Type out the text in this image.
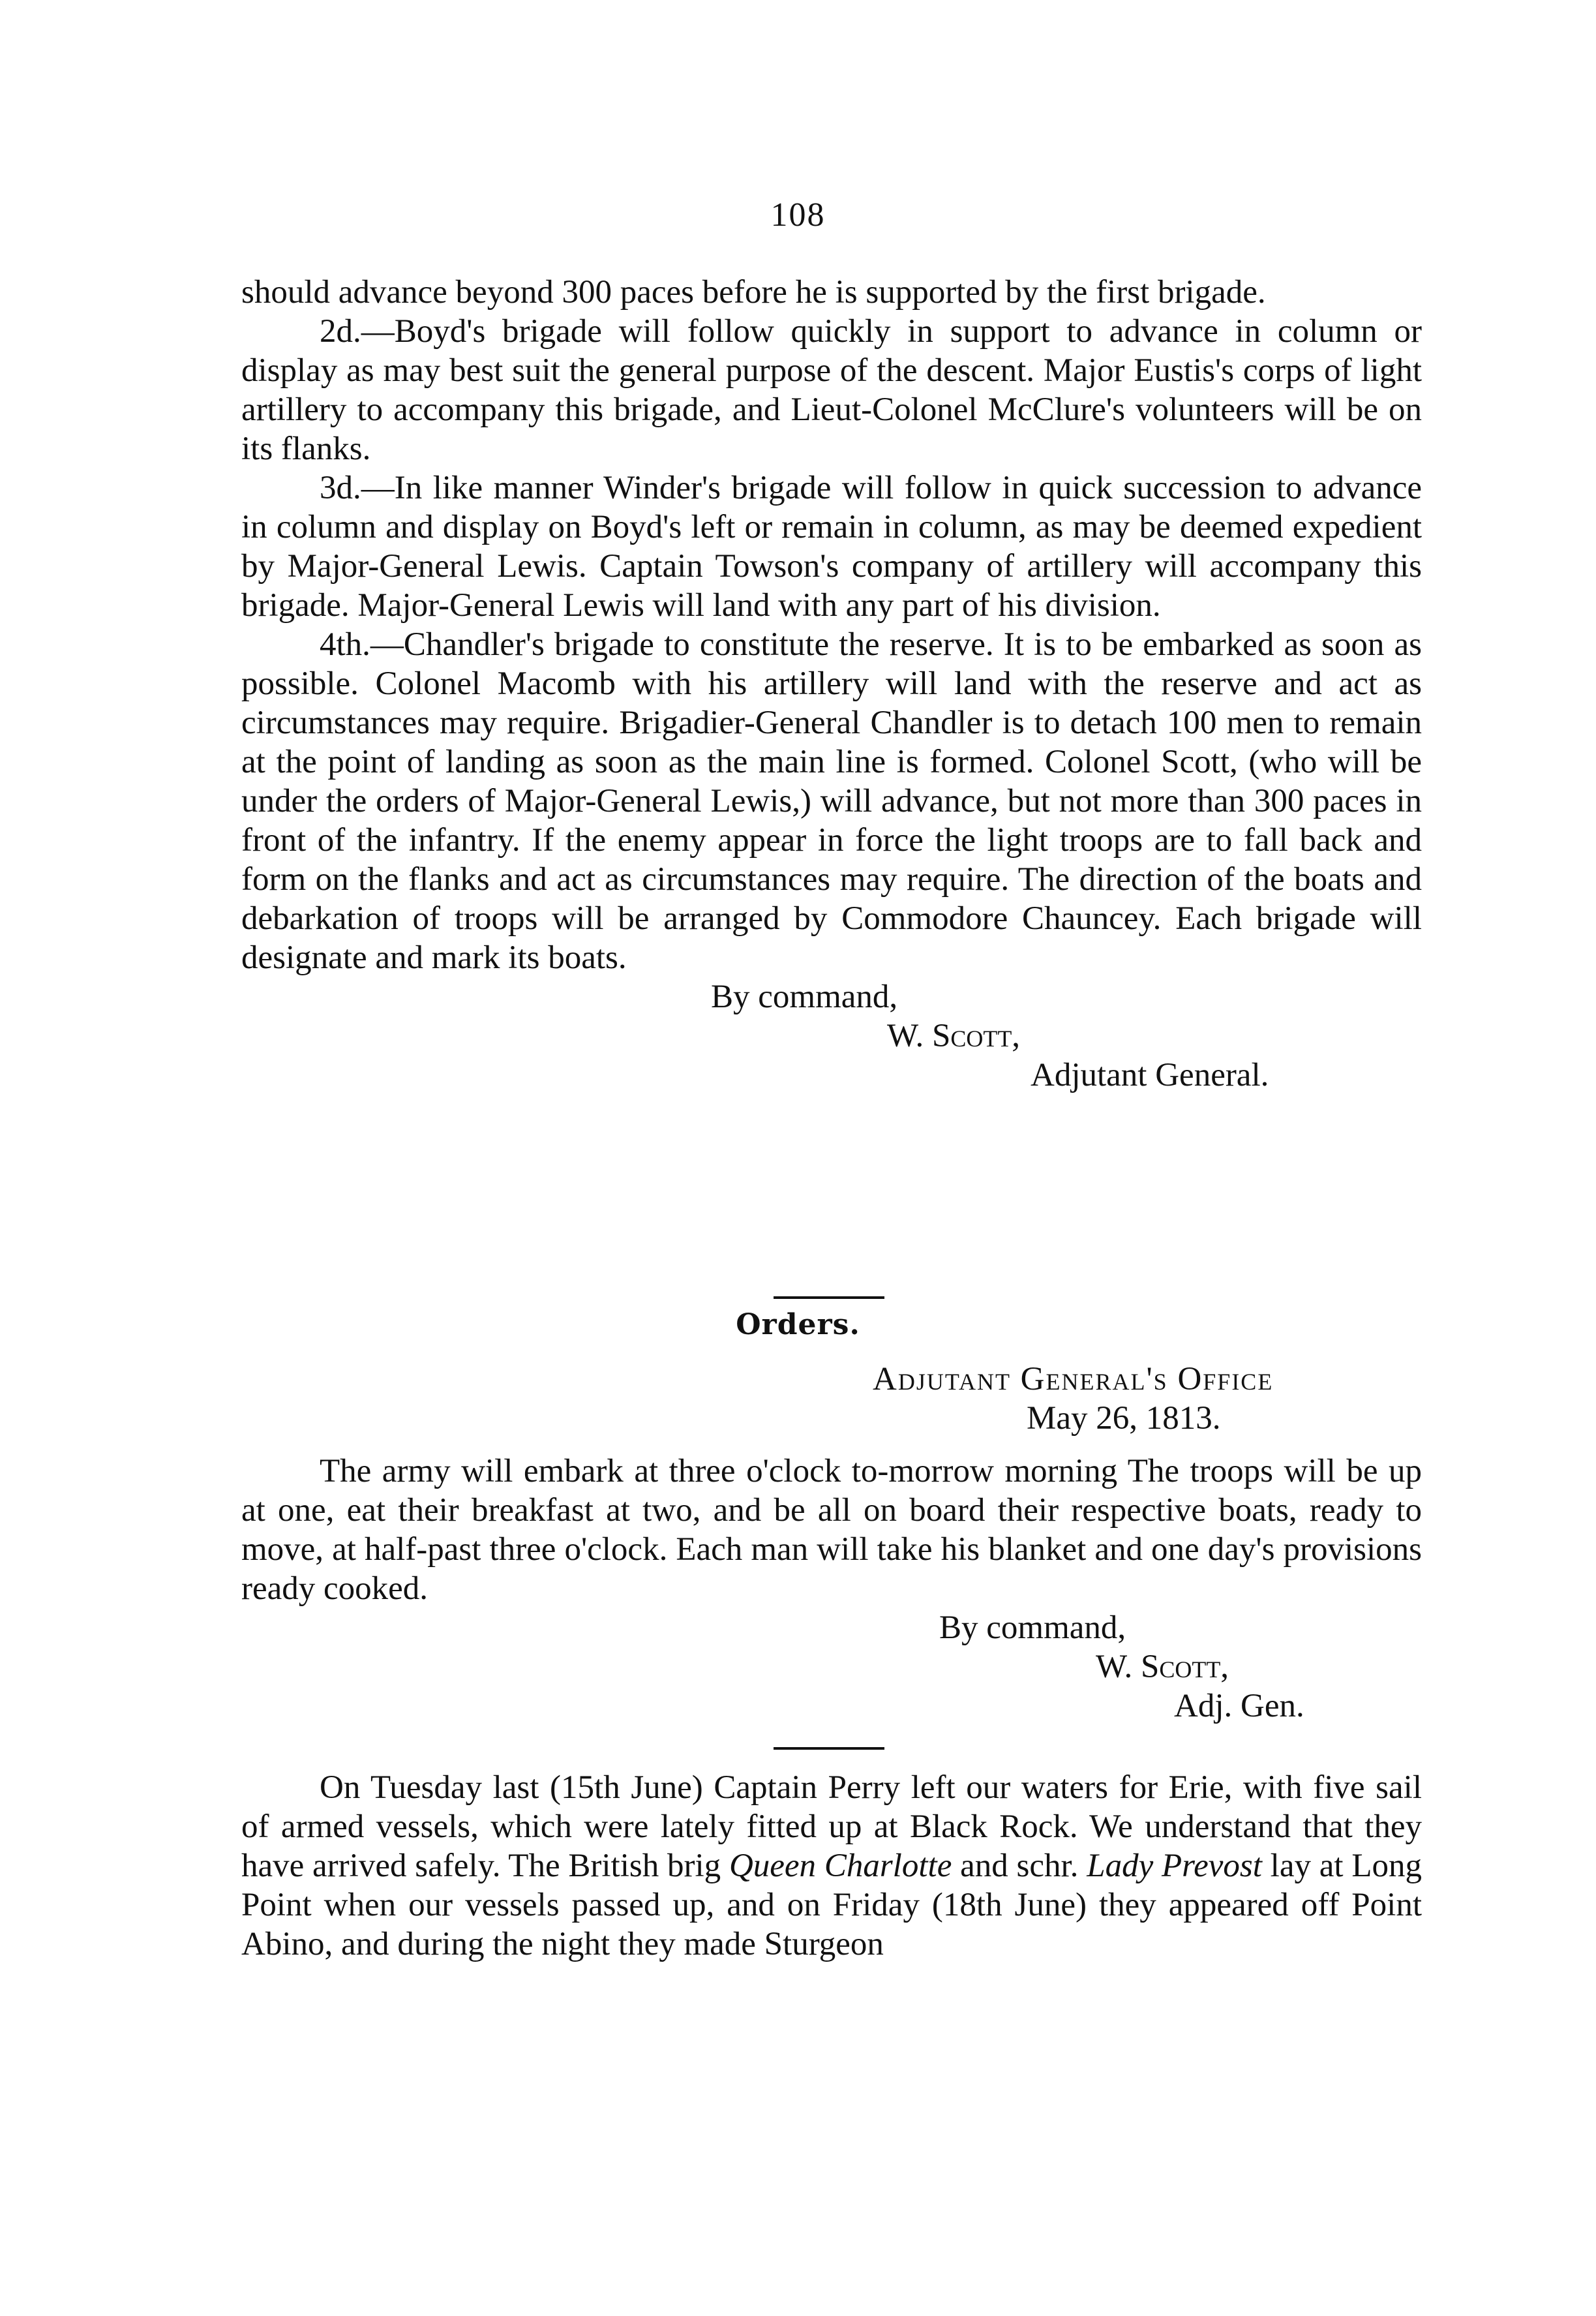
108

should advance beyond 300 paces before he is supported by the first brigade.

2d.—Boyd's brigade will follow quickly in support to advance in column or display as may best suit the general purpose of the descent. Major Eustis's corps of light artillery to accompany this brigade, and Lieut-Colonel McClure's volunteers will be on its flanks.

3d.—In like manner Winder's brigade will follow in quick succession to advance in column and display on Boyd's left or remain in column, as may be deemed expedient by Major-General Lewis. Captain Towson's company of artillery will accompany this brigade. Major-General Lewis will land with any part of his division.

4th.—Chandler's brigade to constitute the reserve. It is to be embarked as soon as possible. Colonel Macomb with his artillery will land with the reserve and act as circumstances may require. Brigadier-General Chandler is to detach 100 men to remain at the point of landing as soon as the main line is formed. Colonel Scott, (who will be under the orders of Major-General Lewis,) will advance, but not more than 300 paces in front of the infantry. If the enemy appear in force the light troops are to fall back and form on the flanks and act as circumstances may require. The direction of the boats and debarkation of troops will be arranged by Commodore Chauncey. Each brigade will designate and mark its boats.

By command,

W. Scott,

Adjutant General.

Orders.
Adjutant General's Office
May 26, 1813.

The army will embark at three o'clock to-morrow morning The troops will be up at one, eat their breakfast at two, and be all on board their respective boats, ready to move, at half-past three o'clock. Each man will take his blanket and one day's provisions ready cooked.

By command,

W. Scott,

Adj. Gen.

On Tuesday last (15th June) Captain Perry left our waters for Erie, with five sail of armed vessels, which were lately fitted up at Black Rock. We understand that they have arrived safely. The British brig Queen Charlotte and schr. Lady Prevost lay at Long Point when our vessels passed up, and on Friday (18th June) they appeared off Point Abino, and during the night they made Sturgeon
